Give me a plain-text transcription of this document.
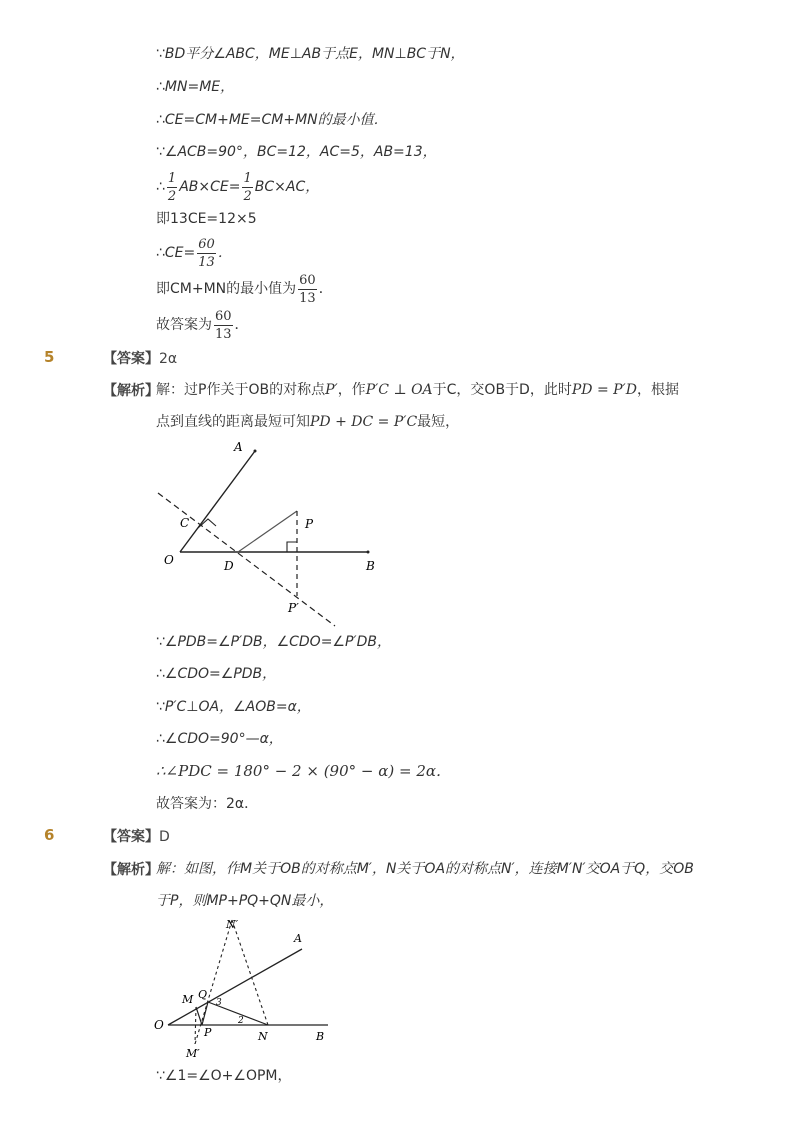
∵BD平分∠ABC，ME⊥AB于点E，MN⊥BC于N，
∴MN=ME，
∴CE=CM+ME=CM+MN的最小值．
∵∠ACB=90°，BC=12，AC=5，AB=13，
∴ $\frac{1}{2} AB\times CE= \frac{1}{2} BC\times AC$，
即13CE=12×5
∴CE= $\frac{60}{13}$ ．
即CM+MN的最小值为 $\frac{60}{13}$ ．
故答案为 $\frac{60}{13}$ ．
5	【答案】2α
【解析】
解：过P作关于OB的对称点P′，作P′C ⊥ OA于C，交OB于D，此时PD = P′D，根据
点到直线的距离最短可知PD + DC = P′C最短，
A
C
O	D	B
P
P′
∵∠PDB=∠P′DB，∠CDO=∠P′DB，
∴∠CDO=∠PDB，
∵P′C⊥OA，∠AOB=α，
∴∠CDO=90°—α，
∴∠PDC = 180° − 2 × (90° − α) = 2α．
故答案为：2α．
6	【答案】D
【解析】
解：如图，作M关于OB的对称点M′，N关于OA的对称点N′，连接M′N′交OA于Q，交OB
于P，则MP+PQ+QN最小，
N′
A
M Q
3
O
P
2
N	B
M′
∵∠1=∠O+∠OPM，
